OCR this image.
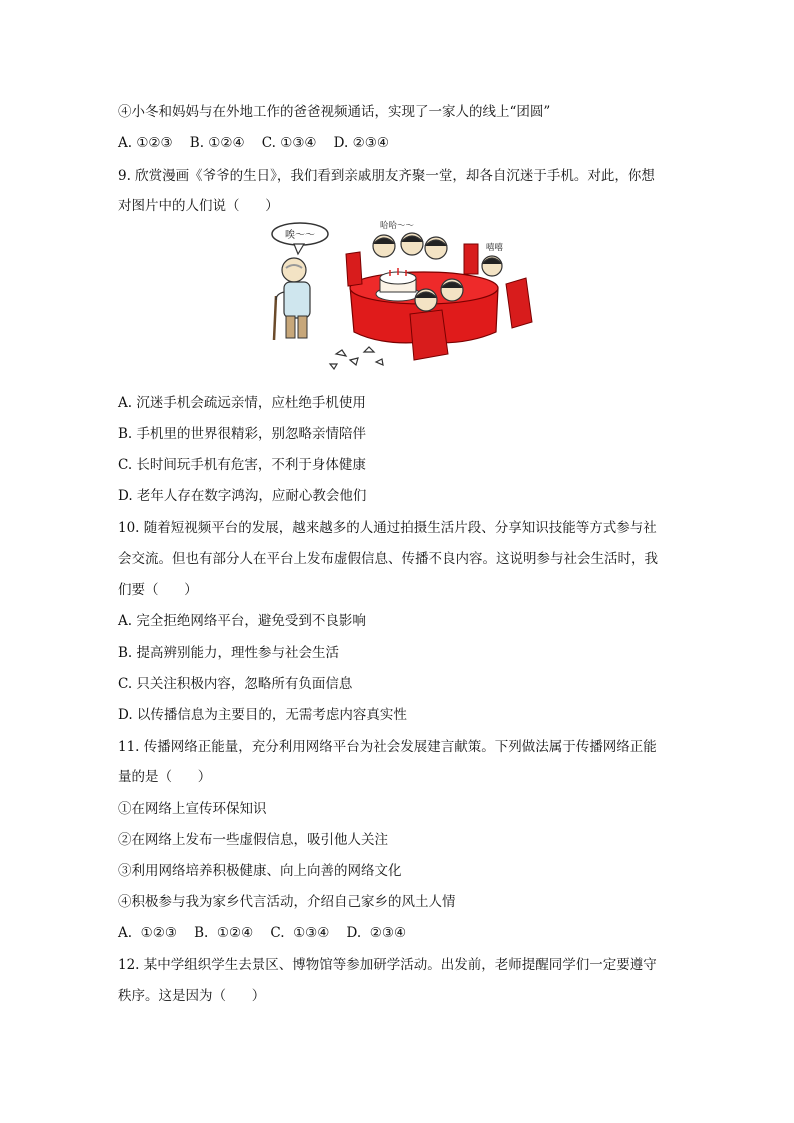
④小冬和妈妈与在外地工作的爸爸视频通话，实现了一家人的线上“团圆”
A. ①②③    B. ①②④    C. ①③④    D. ②③④
9. 欣赏漫画《爷爷的生日》，我们看到亲戚朋友齐聚一堂，却各自沉迷于手机。对此，你想
对图片中的人们说（      ）
唉～～
哈哈～～
嘻嘻
A. 沉迷手机会疏远亲情，应杜绝手机使用
B. 手机里的世界很精彩，别忽略亲情陪伴
C. 长时间玩手机有危害，不利于身体健康
D. 老年人存在数字鸿沟，应耐心教会他们
10. 随着短视频平台的发展，越来越多的人通过拍摄生活片段、分享知识技能等方式参与社
会交流。但也有部分人在平台上发布虚假信息、传播不良内容。这说明参与社会生活时，我
们要（      ）
A. 完全拒绝网络平台，避免受到不良影响
B. 提高辨别能力，理性参与社会生活
C. 只关注积极内容，忽略所有负面信息
D. 以传播信息为主要目的，无需考虑内容真实性
11. 传播网络正能量，充分利用网络平台为社会发展建言献策。下列做法属于传播网络正能
量的是（      ）
①在网络上宣传环保知识
②在网络上发布一些虚假信息，吸引他人关注
③利用网络培养积极健康、向上向善的网络文化
④积极参与我为家乡代言活动，介绍自己家乡的风土人情
A.  ①②③    B.  ①②④    C.  ①③④    D.  ②③④
12. 某中学组织学生去景区、博物馆等参加研学活动。出发前，老师提醒同学们一定要遵守
秩序。这是因为（      ）
